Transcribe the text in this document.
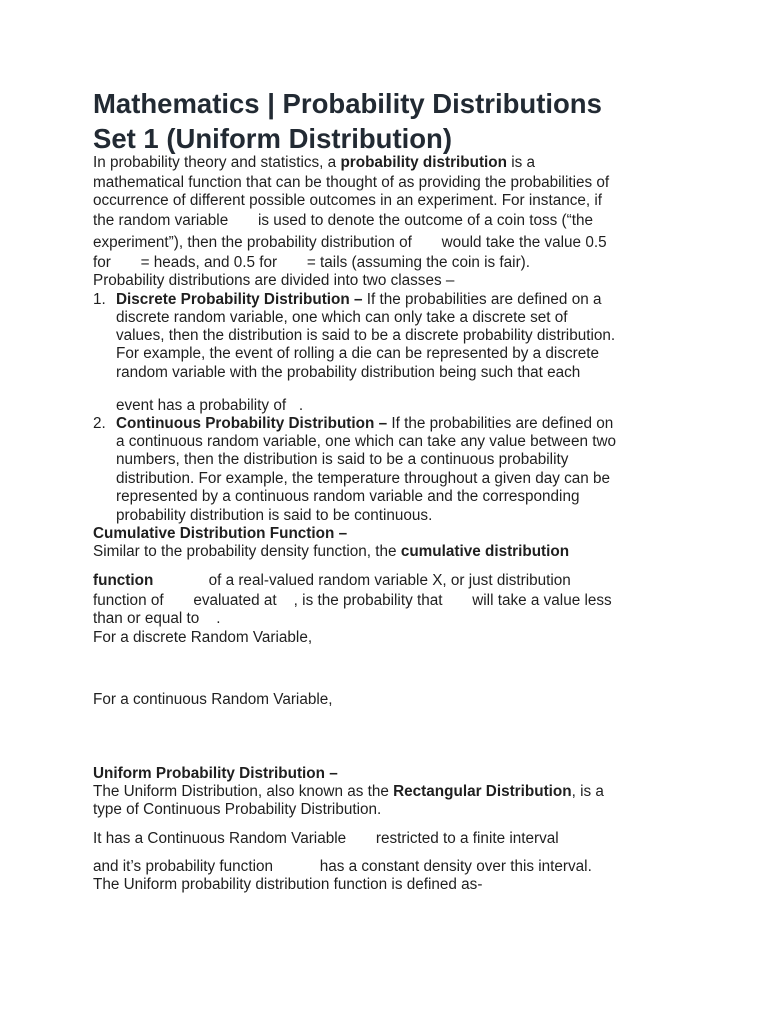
Mathematics | Probability Distributions
Set 1 (Uniform Distribution)
In probability theory and statistics, a probability distribution is a
mathematical function that can be thought of as providing the probabilities of
occurrence of different possible outcomes in an experiment. For instance, if
the random variable       is used to denote the outcome of a coin toss (“the
experiment”), then the probability distribution of       would take the value 0.5
for       = heads, and 0.5 for       = tails (assuming the coin is fair).
Probability distributions are divided into two classes –
1. Discrete Probability Distribution – If the probabilities are defined on a
discrete random variable, one which can only take a discrete set of
values, then the distribution is said to be a discrete probability distribution.
For example, the event of rolling a die can be represented by a discrete
random variable with the probability distribution being such that each
event has a probability of   .
2. Continuous Probability Distribution – If the probabilities are defined on
a continuous random variable, one which can take any value between two
numbers, then the distribution is said to be a continuous probability
distribution. For example, the temperature throughout a given day can be
represented by a continuous random variable and the corresponding
probability distribution is said to be continuous.
Cumulative Distribution Function –
Similar to the probability density function, the cumulative distribution
function             of a real-valued random variable X, or just distribution
function of       evaluated at    , is the probability that       will take a value less
than or equal to    .
For a discrete Random Variable,
For a continuous Random Variable,
Uniform Probability Distribution –
The Uniform Distribution, also known as the Rectangular Distribution, is a
type of Continuous Probability Distribution.
It has a Continuous Random Variable       restricted to a finite interval
and it’s probability function           has a constant density over this interval.
The Uniform probability distribution function is defined as-
